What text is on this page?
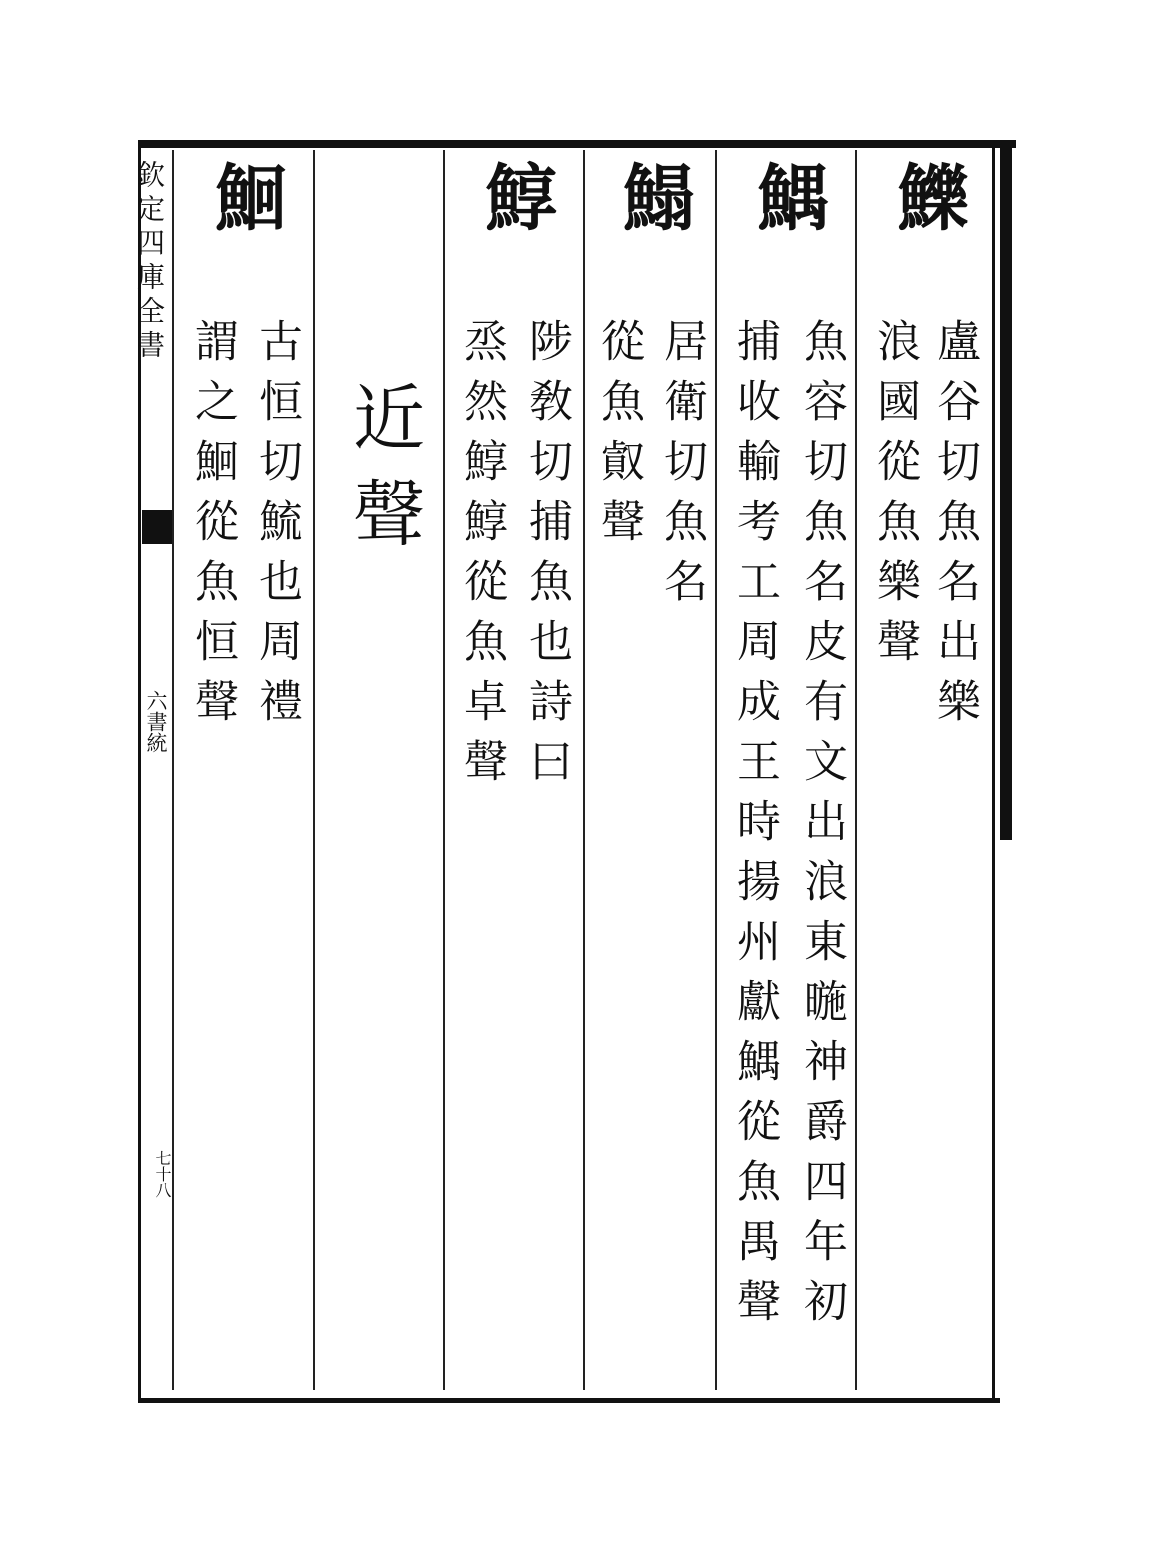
欽定四庫全書
六書統
七十八
鱳
盧谷切魚名出樂
浪國從魚樂聲
鰅
魚容切魚名皮有文出浪東暆神爵四年初
捕收輸考工周成王時揚州獻鰅從魚禺聲
鰨
居衛切魚名
從魚㕢聲
鯙
陟敎切捕魚也詩曰
烝然鯙鯙從魚卓聲
近聲
鮰
古恒切鯍也周禮
謂之鮰從魚恒聲
